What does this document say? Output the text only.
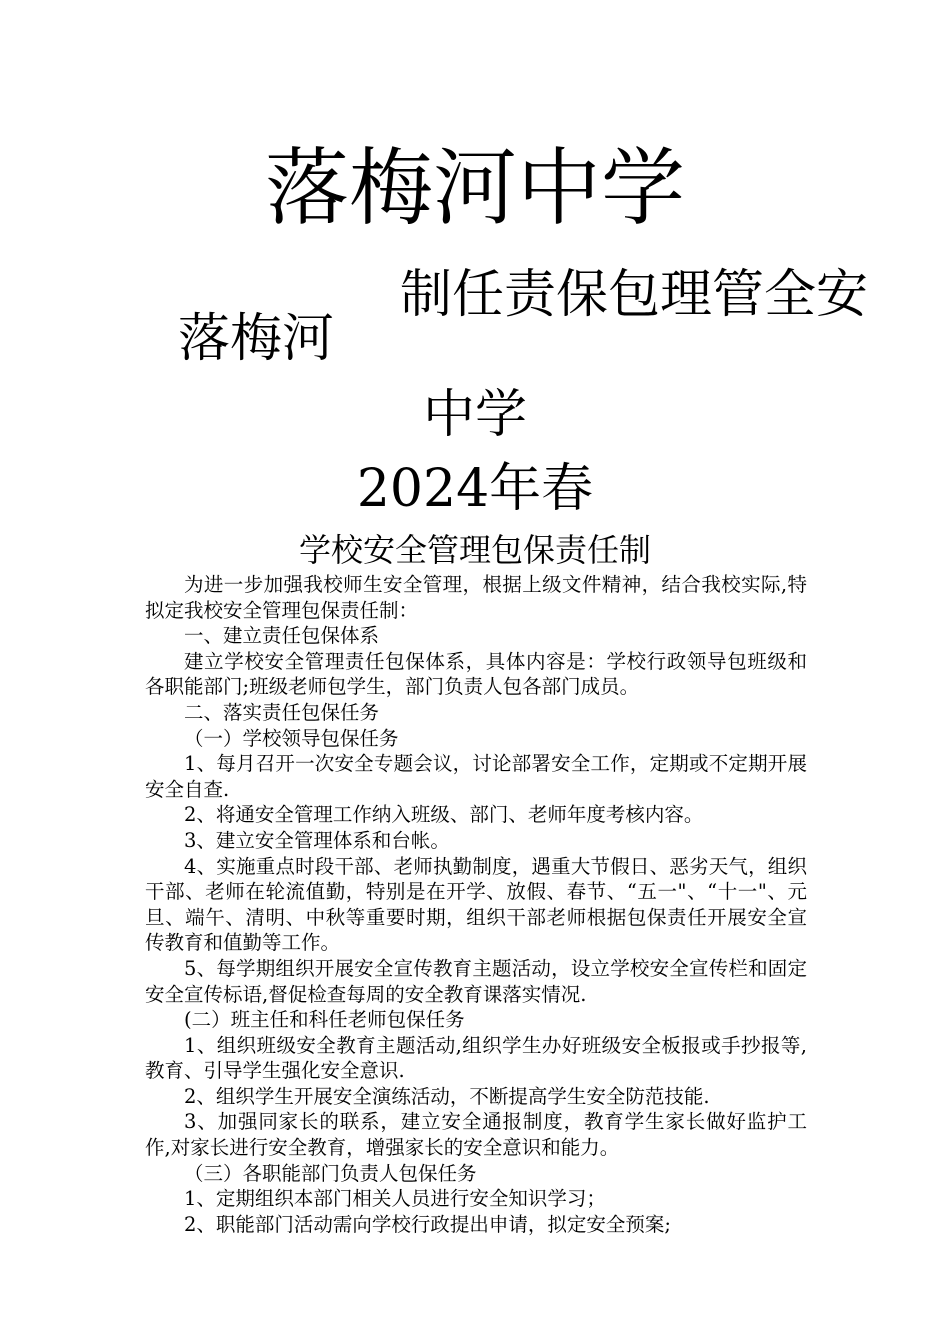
落梅河中学
制任责保包理管全安
落梅河
中学
2024年春
学校安全管理包保责任制

为进一步加强我校师生安全管理，根据上级文件精神，结合我校实际,特拟定我校安全管理包保责任制：

一、建立责任包保体系

建立学校安全管理责任包保体系，具体内容是：学校行政领导包班级和各职能部门;班级老师包学生，部门负责人包各部门成员。

二、落实责任包保任务

（一）学校领导包保任务

1、每月召开一次安全专题会议，讨论部署安全工作，定期或不定期开展安全自查.

2、将通安全管理工作纳入班级、部门、老师年度考核内容。

3、建立安全管理体系和台帐。

4、实施重点时段干部、老师执勤制度，遇重大节假日、恶劣天气，组织干部、老师在轮流值勤，特别是在开学、放假、春节、“五一"、“十一"、元旦、端午、清明、中秋等重要时期，组织干部老师根据包保责任开展安全宣传教育和值勤等工作。

5、每学期组织开展安全宣传教育主题活动，设立学校安全宣传栏和固定安全宣传标语,督促检查每周的安全教育课落实情况.

(二）班主任和科任老师包保任务

1、组织班级安全教育主题活动,组织学生办好班级安全板报或手抄报等,教育、引导学生强化安全意识.

2、组织学生开展安全演练活动，不断提高学生安全防范技能.

3、加强同家长的联系，建立安全通报制度，教育学生家长做好监护工作,对家长进行安全教育，增强家长的安全意识和能力。

（三）各职能部门负责人包保任务

1、定期组织本部门相关人员进行安全知识学习；

2、职能部门活动需向学校行政提出申请，拟定安全预案;
